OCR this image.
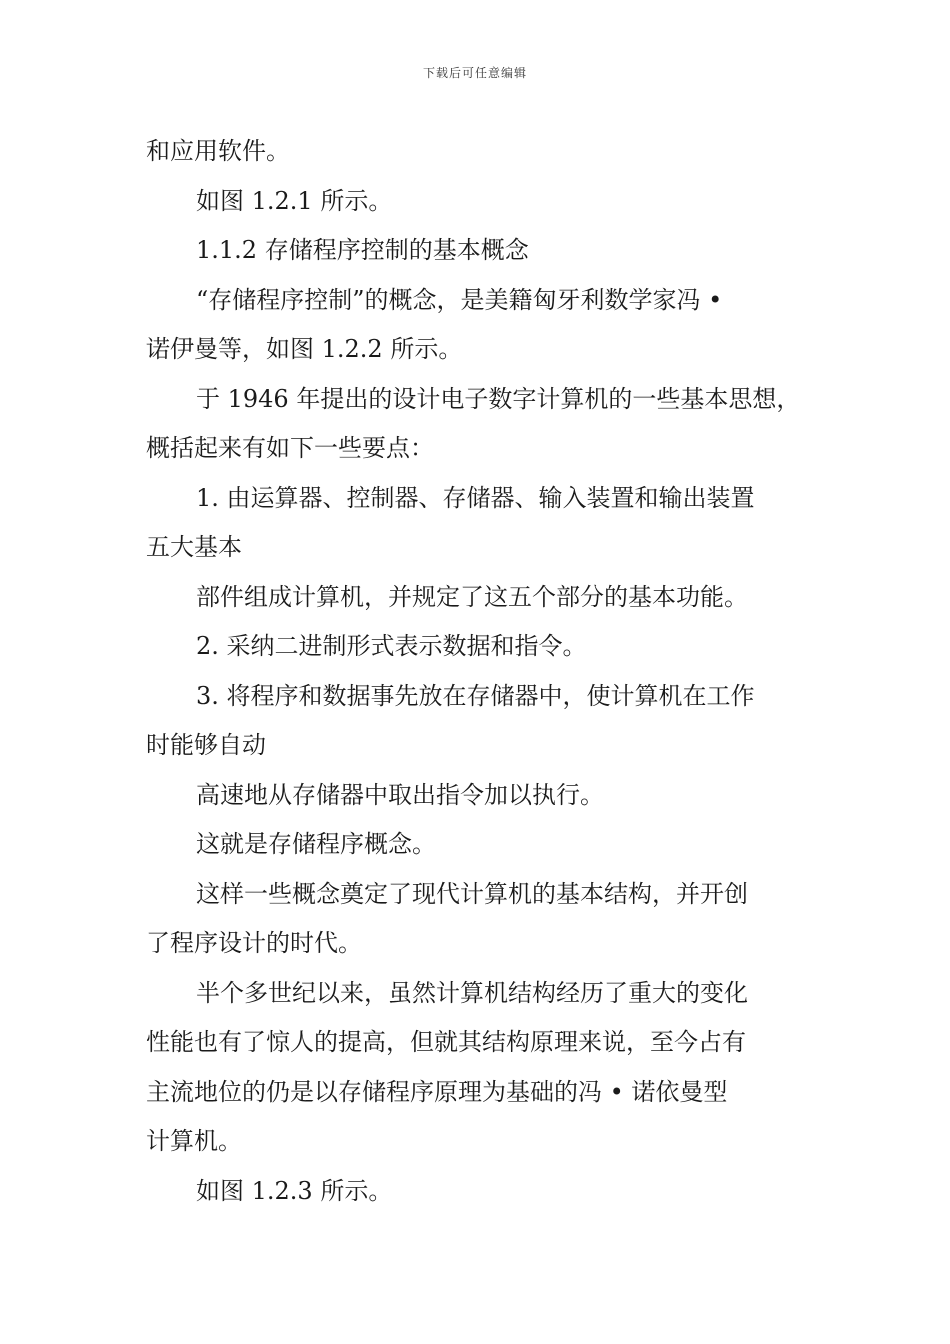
下载后可任意编辑
和应用软件。
如图 1.2.1 所示。
1.1.2 存储程序控制的基本概念
“存储程序控制”的概念，是美籍匈牙利数学家冯 •
诺伊曼等，如图 1.2.2 所示。
于 1946 年提出的设计电子数字计算机的一些基本思想，
概括起来有如下一些要点：
1. 由运算器、控制器、存储器、输入装置和输出装置
五大基本
部件组成计算机，并规定了这五个部分的基本功能。
2. 采纳二进制形式表示数据和指令。
3. 将程序和数据事先放在存储器中，使计算机在工作
时能够自动
高速地从存储器中取出指令加以执行。
这就是存储程序概念。
这样一些概念奠定了现代计算机的基本结构，并开创
了程序设计的时代。
半个多世纪以来，虽然计算机结构经历了重大的变化
性能也有了惊人的提高，但就其结构原理来说，至今占有
主流地位的仍是以存储程序原理为基础的冯 • 诺依曼型
计算机。
如图 1.2.3 所示。
